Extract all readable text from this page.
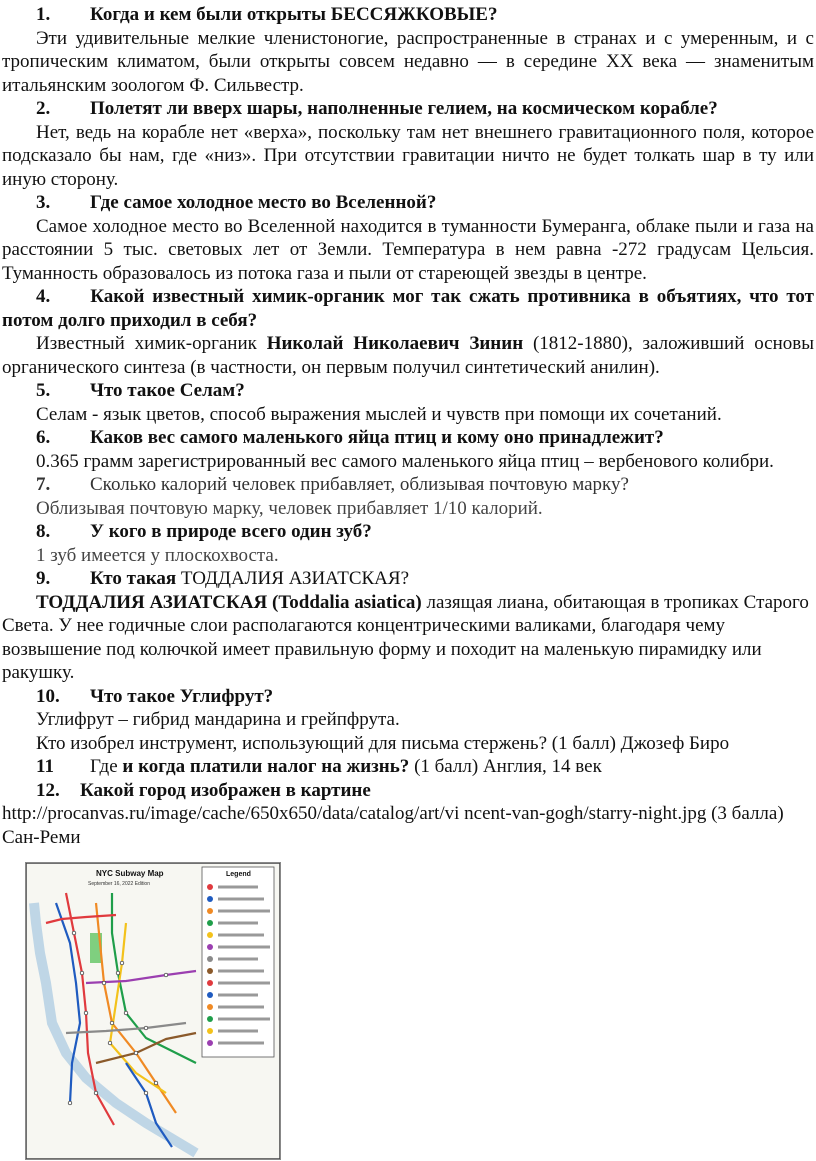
1. Когда и кем были открыты БЕССЯЖКОВЫЕ?

Эти удивительные мелкие членистоногие, распространенные в странах и с умеренным, и с тропическим климатом, были открыты совсем недавно — в середине XX века — знаменитым итальянским зоологом Ф. Сильвестр.

2. Полетят ли вверх шары, наполненные гелием, на космическом корабле?

Нет, ведь на корабле нет «верха», поскольку там нет внешнего гравитационного поля, которое подсказало бы нам, где «низ». При отсутствии гравитации ничто не будет толкать шар в ту или иную сторону.

3. Где самое холодное место во Вселенной?

Самое холодное место во Вселенной находится в туманности Бумеранга, облаке пыли и газа на расстоянии 5 тыс. световых лет от Земли. Температура в нем равна -272 градусам Цельсия. Туманность образовалось из потока газа и пыли от стареющей звезды в центре.

4. Какой известный химик-органик мог так сжать противника в объятиях, что тот потом долго приходил в себя?

Известный химик-органик Николай Николаевич Зинин (1812-1880), заложивший основы органического синтеза (в частности, он первым получил синтетический анилин).

5. Что такое Селам?

Селам - язык цветов, способ выражения мыслей и чувств при помощи их сочетаний.

6. Каков вес самого маленького яйца птиц и кому оно принадлежит?

0.365 грамм зарегистрированный вес самого маленького яйца птиц – вербенового колибри.

7. Сколько калорий человек прибавляет, облизывая почтовую марку?

Облизывая почтовую марку, человек прибавляет 1/10 калорий.

8. У кого в природе всего один зуб?

1 зуб имеется у плоскохвоста.

9. Кто такая ТОДДАЛИЯ АЗИАТСКАЯ?

ТОДДАЛИЯ АЗИАТСКАЯ (Toddalia asiatica) лазящая лиана, обитающая в тропиках Старого Света. У нее годичные слои располагаются концентрическими валиками, благодаря чему возвышение под колючкой имеет правильную форму и походит на маленькую пирамидку или ракушку.

10. Что такое Углифрут?

Углифрут – гибрид мандарина и грейпфрута.

Кто изобрел инструмент, использующий для письма стержень? (1 балл) Джозеф Биро

11 Где и когда платили налог на жизнь? (1 балл) Англия, 14 век

12. Какой город изображен в картине

http://procanvas.ru/image/cache/650x650/data/catalog/art/vi ncent-van-gogh/starry-night.jpg (3 балла) Сан-Реми

NYC Subway Map
September 16, 2022 Edition
Legend
